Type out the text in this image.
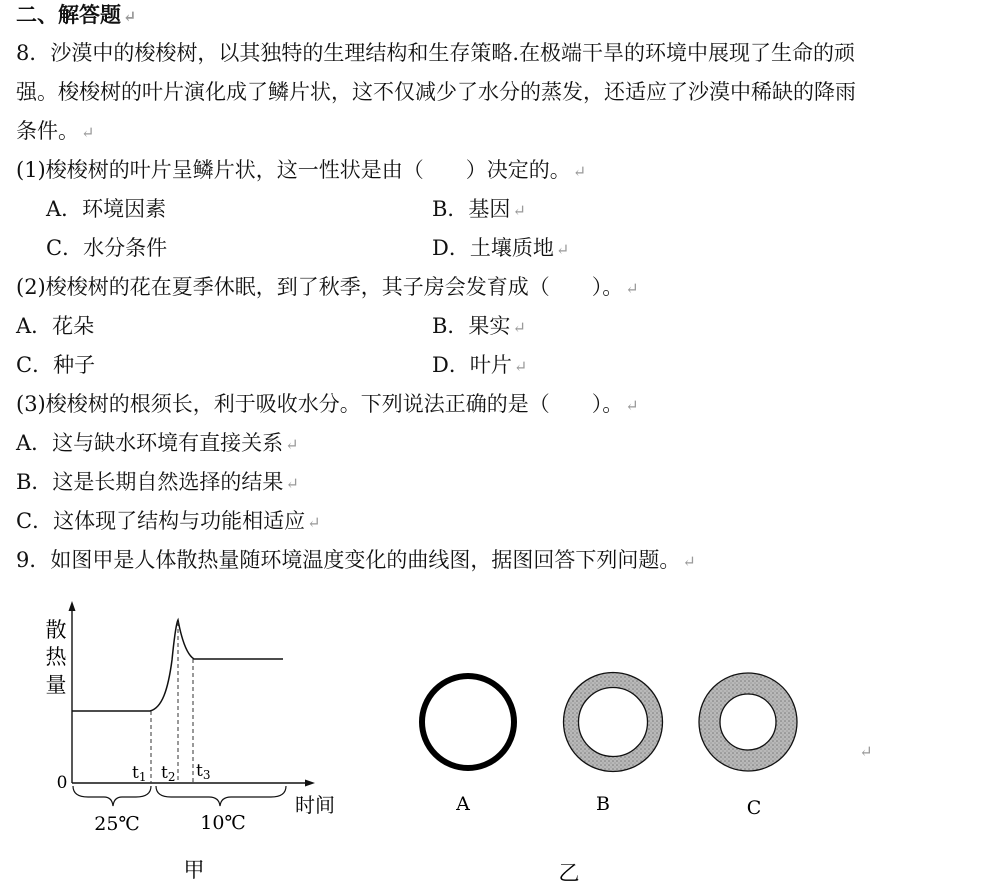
二、解答题 ↵
8．沙漠中的梭梭树，以其独特的生理结构和生存策略.在极端干旱的环境中展现了生命的顽
强。梭梭树的叶片演化成了鳞片状，这不仅减少了水分的蒸发，还适应了沙漠中稀缺的降雨
条件。 ↵
(1)梭梭树的叶片呈鳞片状，这一性状是由（　　）决定的。 ↵
A．环境因素	B．基因 ↵
C．水分条件	D．土壤质地 ↵
(2)梭梭树的花在夏季休眠，到了秋季，其子房会发育成（　　）。 ↵
A．花朵	B．果实 ↵
C．种子	D．叶片 ↵
(3)梭梭树的根须长，利于吸收水分。下列说法正确的是（　　）。 ↵
A．这与缺水环境有直接关系 ↵
B．这是长期自然选择的结果 ↵
C．这体现了结构与功能相适应 ↵
9．如图甲是人体散热量随环境温度变化的曲线图，据图回答下列问题。 ↵
散
热
量
0
时间
t1 t2 t3
25℃	10℃
甲
A	B	C
↵
乙
